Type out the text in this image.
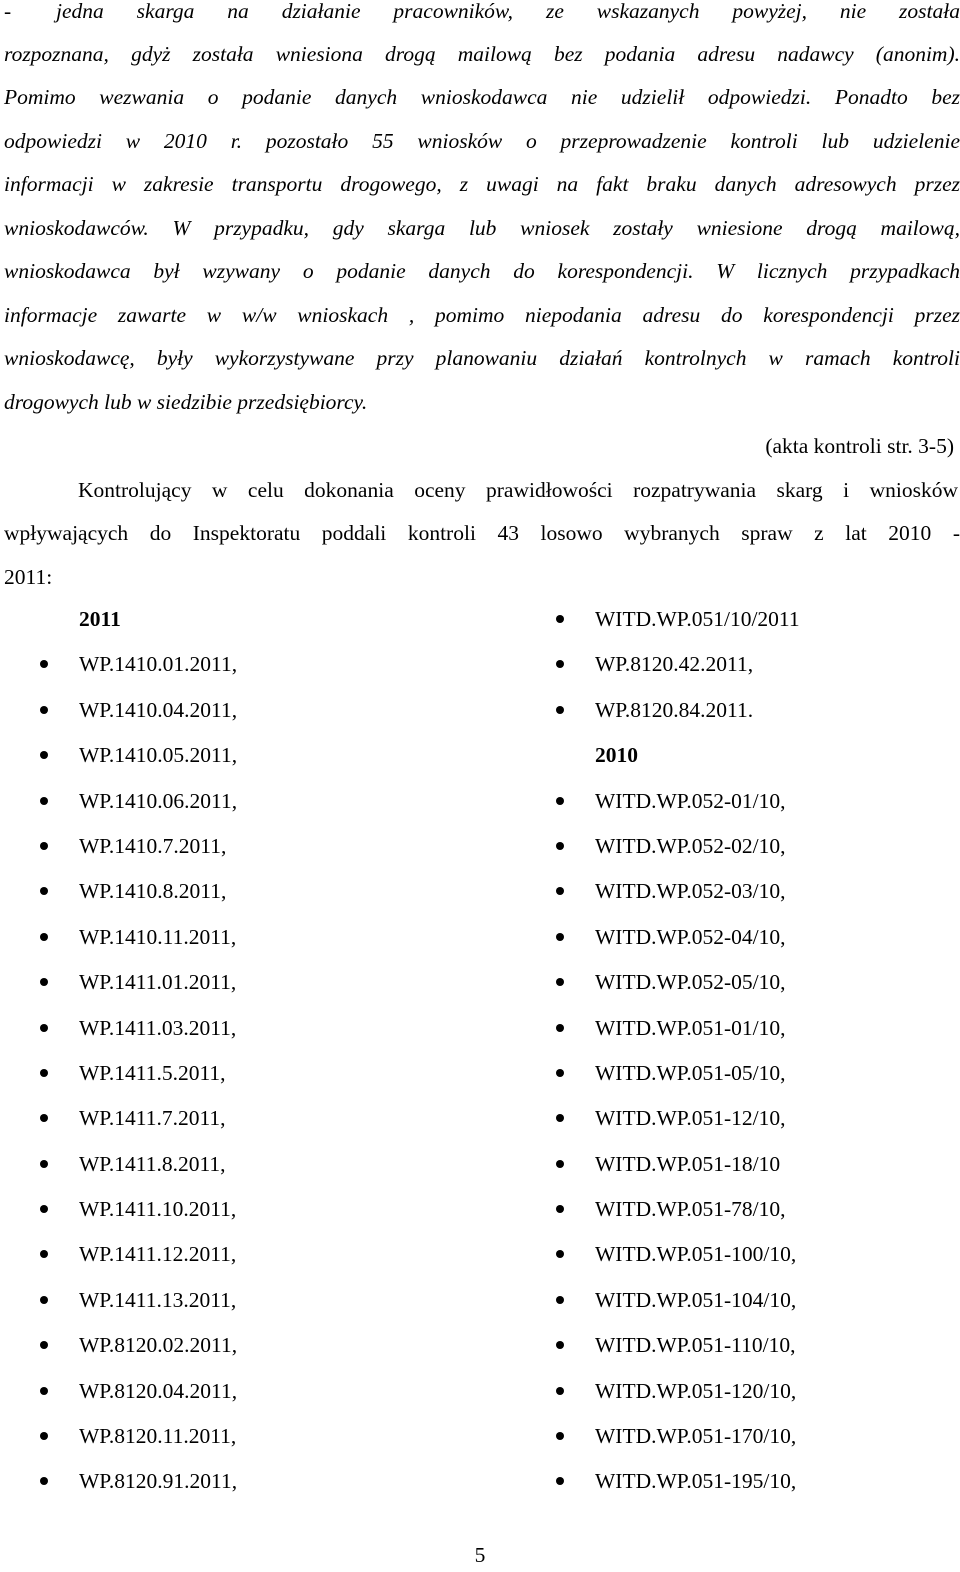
- jedna skarga na działanie pracowników, ze wskazanych powyżej, nie została
rozpoznana, gdyż została wniesiona drogą mailową bez podania adresu nadawcy (anonim).
Pomimo wezwania o podanie danych wnioskodawca nie udzielił odpowiedzi. Ponadto bez
odpowiedzi w 2010 r. pozostało 55 wniosków o przeprowadzenie kontroli lub udzielenie
informacji w zakresie transportu drogowego, z uwagi na fakt braku danych adresowych przez
wnioskodawców. W przypadku, gdy skarga lub wniosek zostały wniesione drogą mailową,
wnioskodawca był wzywany o podanie danych do korespondencji. W licznych przypadkach
informacje zawarte w w/w wnioskach , pomimo niepodania adresu do korespondencji przez
wnioskodawcę, były wykorzystywane przy planowaniu działań kontrolnych w ramach kontroli
drogowych lub w siedzibie przedsiębiorcy.
(akta kontroli str. 3-5)
Kontrolujący w celu dokonania oceny prawidłowości rozpatrywania skarg i wniosków
wpływających do Inspektoratu poddali kontroli 43 losowo wybranych spraw z lat 2010 -
2011:
2011
WP.1410.01.2011,
WP.1410.04.2011,
WP.1410.05.2011,
WP.1410.06.2011,
WP.1410.7.2011,
WP.1410.8.2011,
WP.1410.11.2011,
WP.1411.01.2011,
WP.1411.03.2011,
WP.1411.5.2011,
WP.1411.7.2011,
WP.1411.8.2011,
WP.1411.10.2011,
WP.1411.12.2011,
WP.1411.13.2011,
WP.8120.02.2011,
WP.8120.04.2011,
WP.8120.11.2011,
WP.8120.91.2011,
WITD.WP.051/10/2011
WP.8120.42.2011,
WP.8120.84.2011.
2010
WITD.WP.052-01/10,
WITD.WP.052-02/10,
WITD.WP.052-03/10,
WITD.WP.052-04/10,
WITD.WP.052-05/10,
WITD.WP.051-01/10,
WITD.WP.051-05/10,
WITD.WP.051-12/10,
WITD.WP.051-18/10
WITD.WP.051-78/10,
WITD.WP.051-100/10,
WITD.WP.051-104/10,
WITD.WP.051-110/10,
WITD.WP.051-120/10,
WITD.WP.051-170/10,
WITD.WP.051-195/10,
5
